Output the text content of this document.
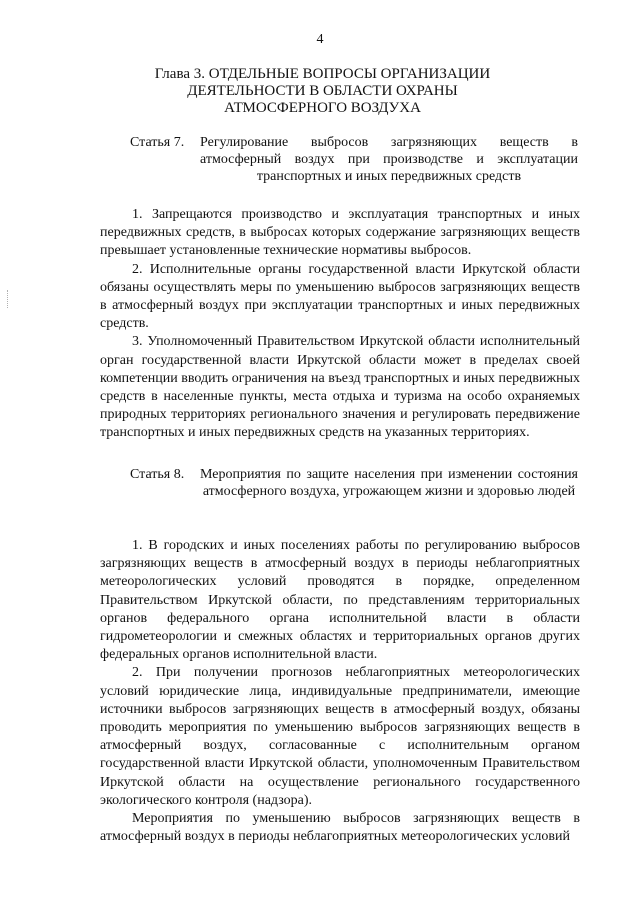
4
Глава 3. ОТДЕЛЬНЫЕ ВОПРОСЫ ОРГАНИЗАЦИИ ДЕЯТЕЛЬНОСТИ В ОБЛАСТИ ОХРАНЫ АТМОСФЕРНОГО ВОЗДУХА
Статья 7. Регулирование выбросов загрязняющих веществ в атмосферный воздух при производстве и эксплуатации транспортных и иных передвижных средств

1. Запрещаются производство и эксплуатация транспортных и иных передвижных средств, в выбросах которых содержание загрязняющих веществ превышает установленные технические нормативы выбросов.

2. Исполнительные органы государственной власти Иркутской области обязаны осуществлять меры по уменьшению выбросов загрязняющих веществ в атмосферный воздух при эксплуатации транспортных и иных передвижных средств.

3. Уполномоченный Правительством Иркутской области исполнительный орган государственной власти Иркутской области может в пределах своей компетенции вводить ограничения на въезд транспортных и иных передвижных средств в населенные пункты, места отдыха и туризма на особо охраняемых природных территориях регионального значения и регулировать передвижение транспортных и иных передвижных средств на указанных территориях.

Статья 8. Мероприятия по защите населения при изменении состояния атмосферного воздуха, угрожающем жизни и здоровью людей

1. В городских и иных поселениях работы по регулированию выбросов загрязняющих веществ в атмосферный воздух в периоды неблагоприятных метеорологических условий проводятся в порядке, определенном Правительством Иркутской области, по представлениям территориальных органов федерального органа исполнительной власти в области гидрометеорологии и смежных областях и территориальных органов других федеральных органов исполнительной власти.

2. При получении прогнозов неблагоприятных метеорологических условий юридические лица, индивидуальные предприниматели, имеющие источники выбросов загрязняющих веществ в атмосферный воздух, обязаны проводить мероприятия по уменьшению выбросов загрязняющих веществ в атмосферный воздух, согласованные с исполнительным органом государственной власти Иркутской области, уполномоченным Правительством Иркутской области на осуществление регионального государственного экологического контроля (надзора).

Мероприятия по уменьшению выбросов загрязняющих веществ в атмосферный воздух в периоды неблагоприятных метеорологических условий
